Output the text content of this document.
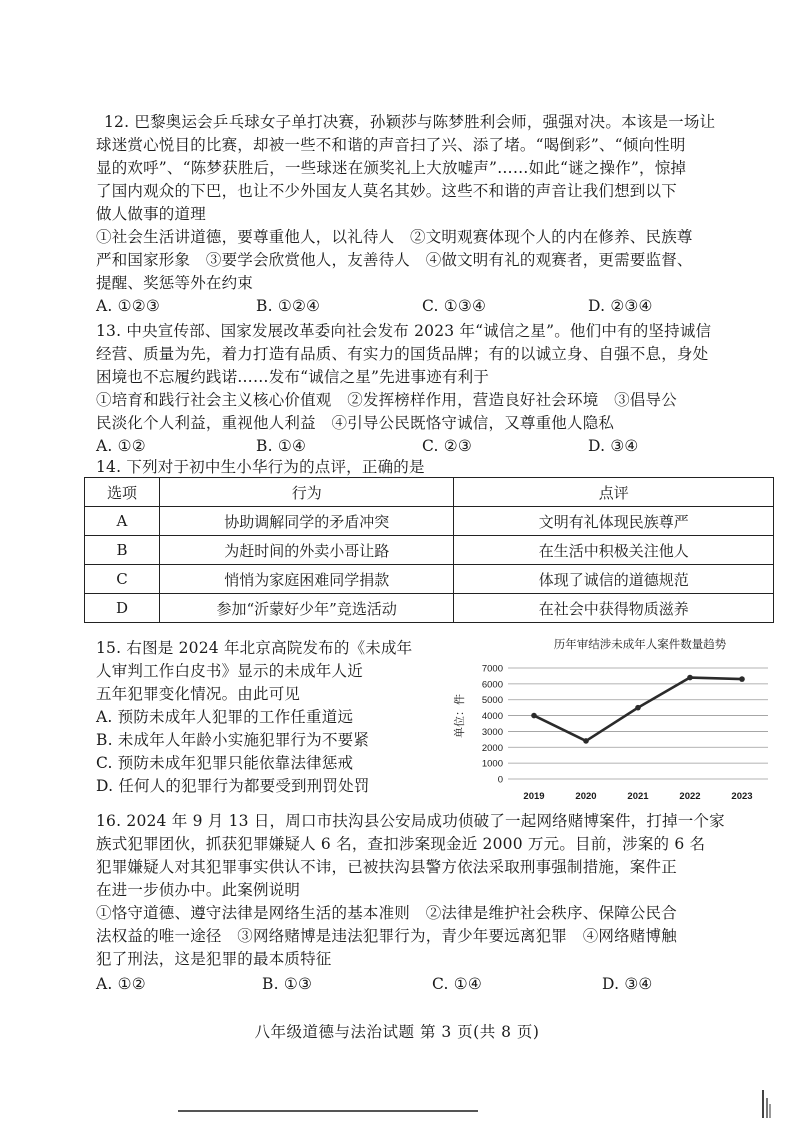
12. 巴黎奥运会乒乓球女子单打决赛，孙颖莎与陈梦胜利会师，强强对决。本该是一场让
球迷赏心悦目的比赛，却被一些不和谐的声音扫了兴、添了堵。“喝倒彩”、“倾向性明
显的欢呼”、“陈梦获胜后，一些球迷在颁奖礼上大放嘘声”……如此“谜之操作”，惊掉
了国内观众的下巴，也让不少外国友人莫名其妙。这些不和谐的声音让我们想到以下
做人做事的道理
①社会生活讲道德，要尊重他人，以礼待人　②文明观赛体现个人的内在修养、民族尊
严和国家形象　③要学会欣赏他人，友善待人　④做文明有礼的观赛者，更需要监督、
提醒、奖惩等外在约束
A. ①②③	B. ①②④	C. ①③④	D. ②③④
13. 中央宣传部、国家发展改革委向社会发布 2023 年“诚信之星”。他们中有的坚持诚信
经营、质量为先，着力打造有品质、有实力的国货品牌；有的以诚立身、自强不息，身处
困境也不忘履约践诺……发布“诚信之星”先进事迹有利于
①培育和践行社会主义核心价值观　②发挥榜样作用，营造良好社会环境　③倡导公
民淡化个人利益，重视他人利益　④引导公民既恪守诚信，又尊重他人隐私
A. ①②	B. ①④	C. ②③	D. ③④
14. 下列对于初中生小华行为的点评，正确的是
选项	行为	点评
A	协助调解同学的矛盾冲突	文明有礼体现民族尊严
B	为赶时间的外卖小哥让路	在生活中积极关注他人
C	悄悄为家庭困难同学捐款	体现了诚信的道德规范
D	参加“沂蒙好少年”竞选活动	在社会中获得物质滋养
15. 右图是 2024 年北京高院发布的《未成年
人审判工作白皮书》显示的未成年人近
五年犯罪变化情况。由此可见
A. 预防未成年人犯罪的工作任重道远
B. 未成年人年龄小实施犯罪行为不要紧
C. 预防未成年犯罪只能依靠法律惩戒
D. 任何人的犯罪行为都要受到刑罚处罚
历年审结涉未成年人案件数量趋势
单位：件
0
1000
2000
3000
4000
5000
6000
7000
2019	2020	2021	2022	2023
16. 2024 年 9 月 13 日，周口市扶沟县公安局成功侦破了一起网络赌博案件，打掉一个家
族式犯罪团伙，抓获犯罪嫌疑人 6 名，查扣涉案现金近 2000 万元。目前，涉案的 6 名
犯罪嫌疑人对其犯罪事实供认不讳，已被扶沟县警方依法采取刑事强制措施，案件正
在进一步侦办中。此案例说明
①恪守道德、遵守法律是网络生活的基本准则　②法律是维护社会秩序、保障公民合
法权益的唯一途径　③网络赌博是违法犯罪行为，青少年要远离犯罪　④网络赌博触
犯了刑法，这是犯罪的最本质特征
A. ①②	B. ①③	C. ①④	D. ③④
八年级道德与法治试题 第 3 页(共 8 页)
